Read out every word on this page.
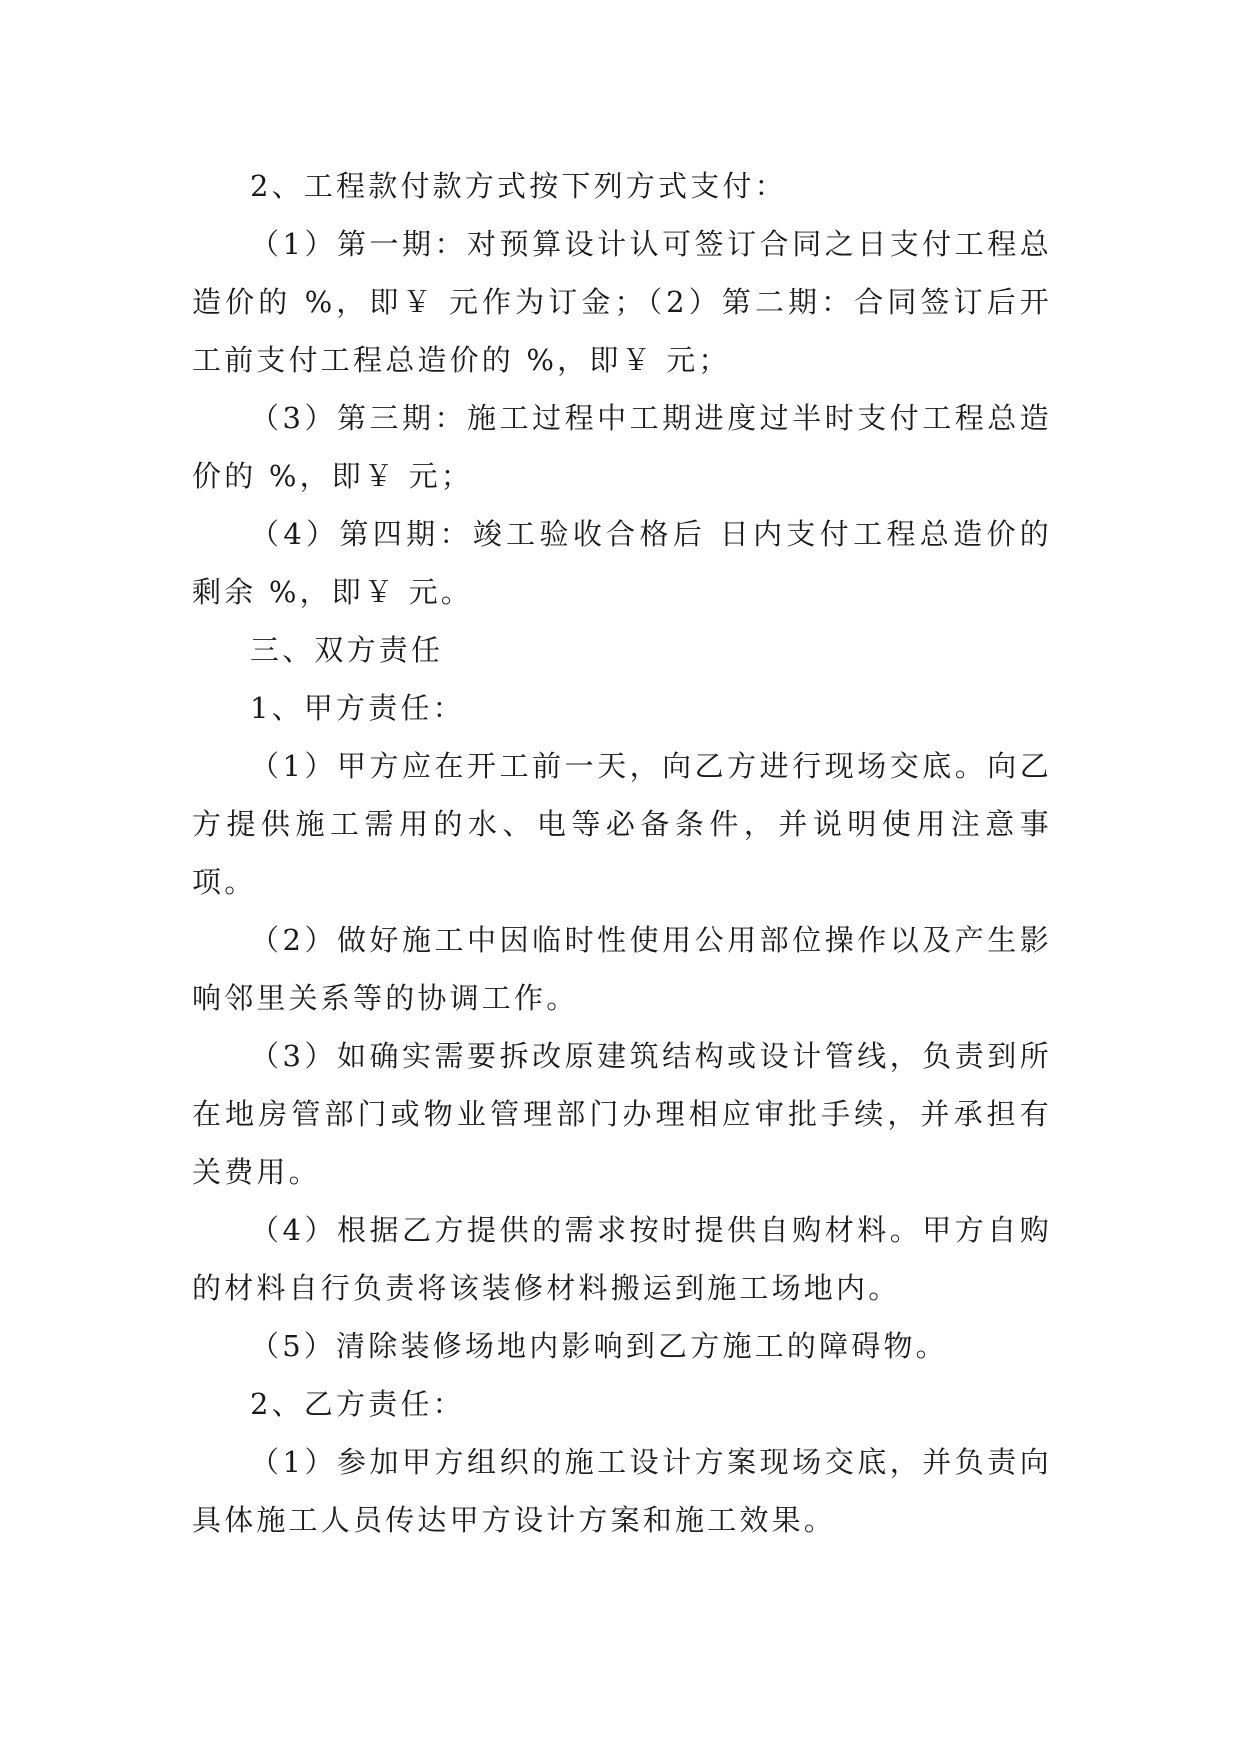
2、工程款付款方式按下列方式支付：

（1）第一期：对预算设计认可签订合同之日支付工程总造价的 %，即￥ 元作为订金；（2）第二期：合同签订后开工前支付工程总造价的 %，即￥ 元；

（3）第三期：施工过程中工期进度过半时支付工程总造价的 %，即￥ 元；

（4）第四期：竣工验收合格后 日内支付工程总造价的剩余 %，即￥ 元。

三、双方责任

1、甲方责任：

（1）甲方应在开工前一天，向乙方进行现场交底。向乙方提供施工需用的水、电等必备条件，并说明使用注意事项。

（2）做好施工中因临时性使用公用部位操作以及产生影响邻里关系等的协调工作。

（3）如确实需要拆改原建筑结构或设计管线，负责到所在地房管部门或物业管理部门办理相应审批手续，并承担有关费用。

（4）根据乙方提供的需求按时提供自购材料。甲方自购的材料自行负责将该装修材料搬运到施工场地内。

（5）清除装修场地内影响到乙方施工的障碍物。

2、乙方责任：

（1）参加甲方组织的施工设计方案现场交底，并负责向具体施工人员传达甲方设计方案和施工效果。
